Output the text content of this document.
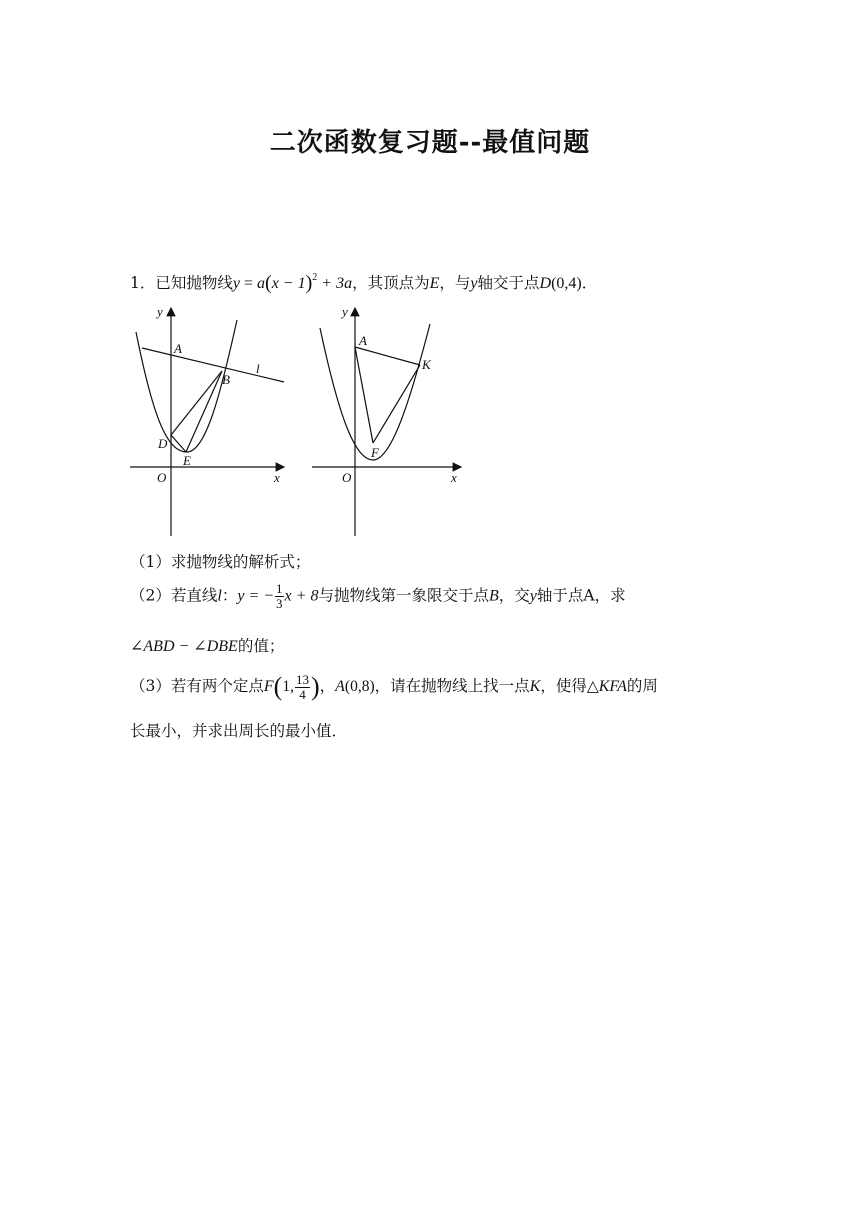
二次函数复习题--最值问题
1．已知抛物线$y = a(x - 1)^2 + 3a$，其顶点为E，与y轴交于点D(0,4)．
y
x
O
A
B
l
D
E
y
x
O
A
K
F
（1）求抛物线的解析式；
（2）若直线l：y = − $\frac{1}{3}$ x + 8与抛物线第一象限交于点B，交y轴于点A，求
∠ABD − ∠DBE的值；
（3）若有两个定点F(1, $\frac{13}{4}$ )，A(0,8)，请在抛物线上找一点K，使得△KFA的周
长最小，并求出周长的最小值．
